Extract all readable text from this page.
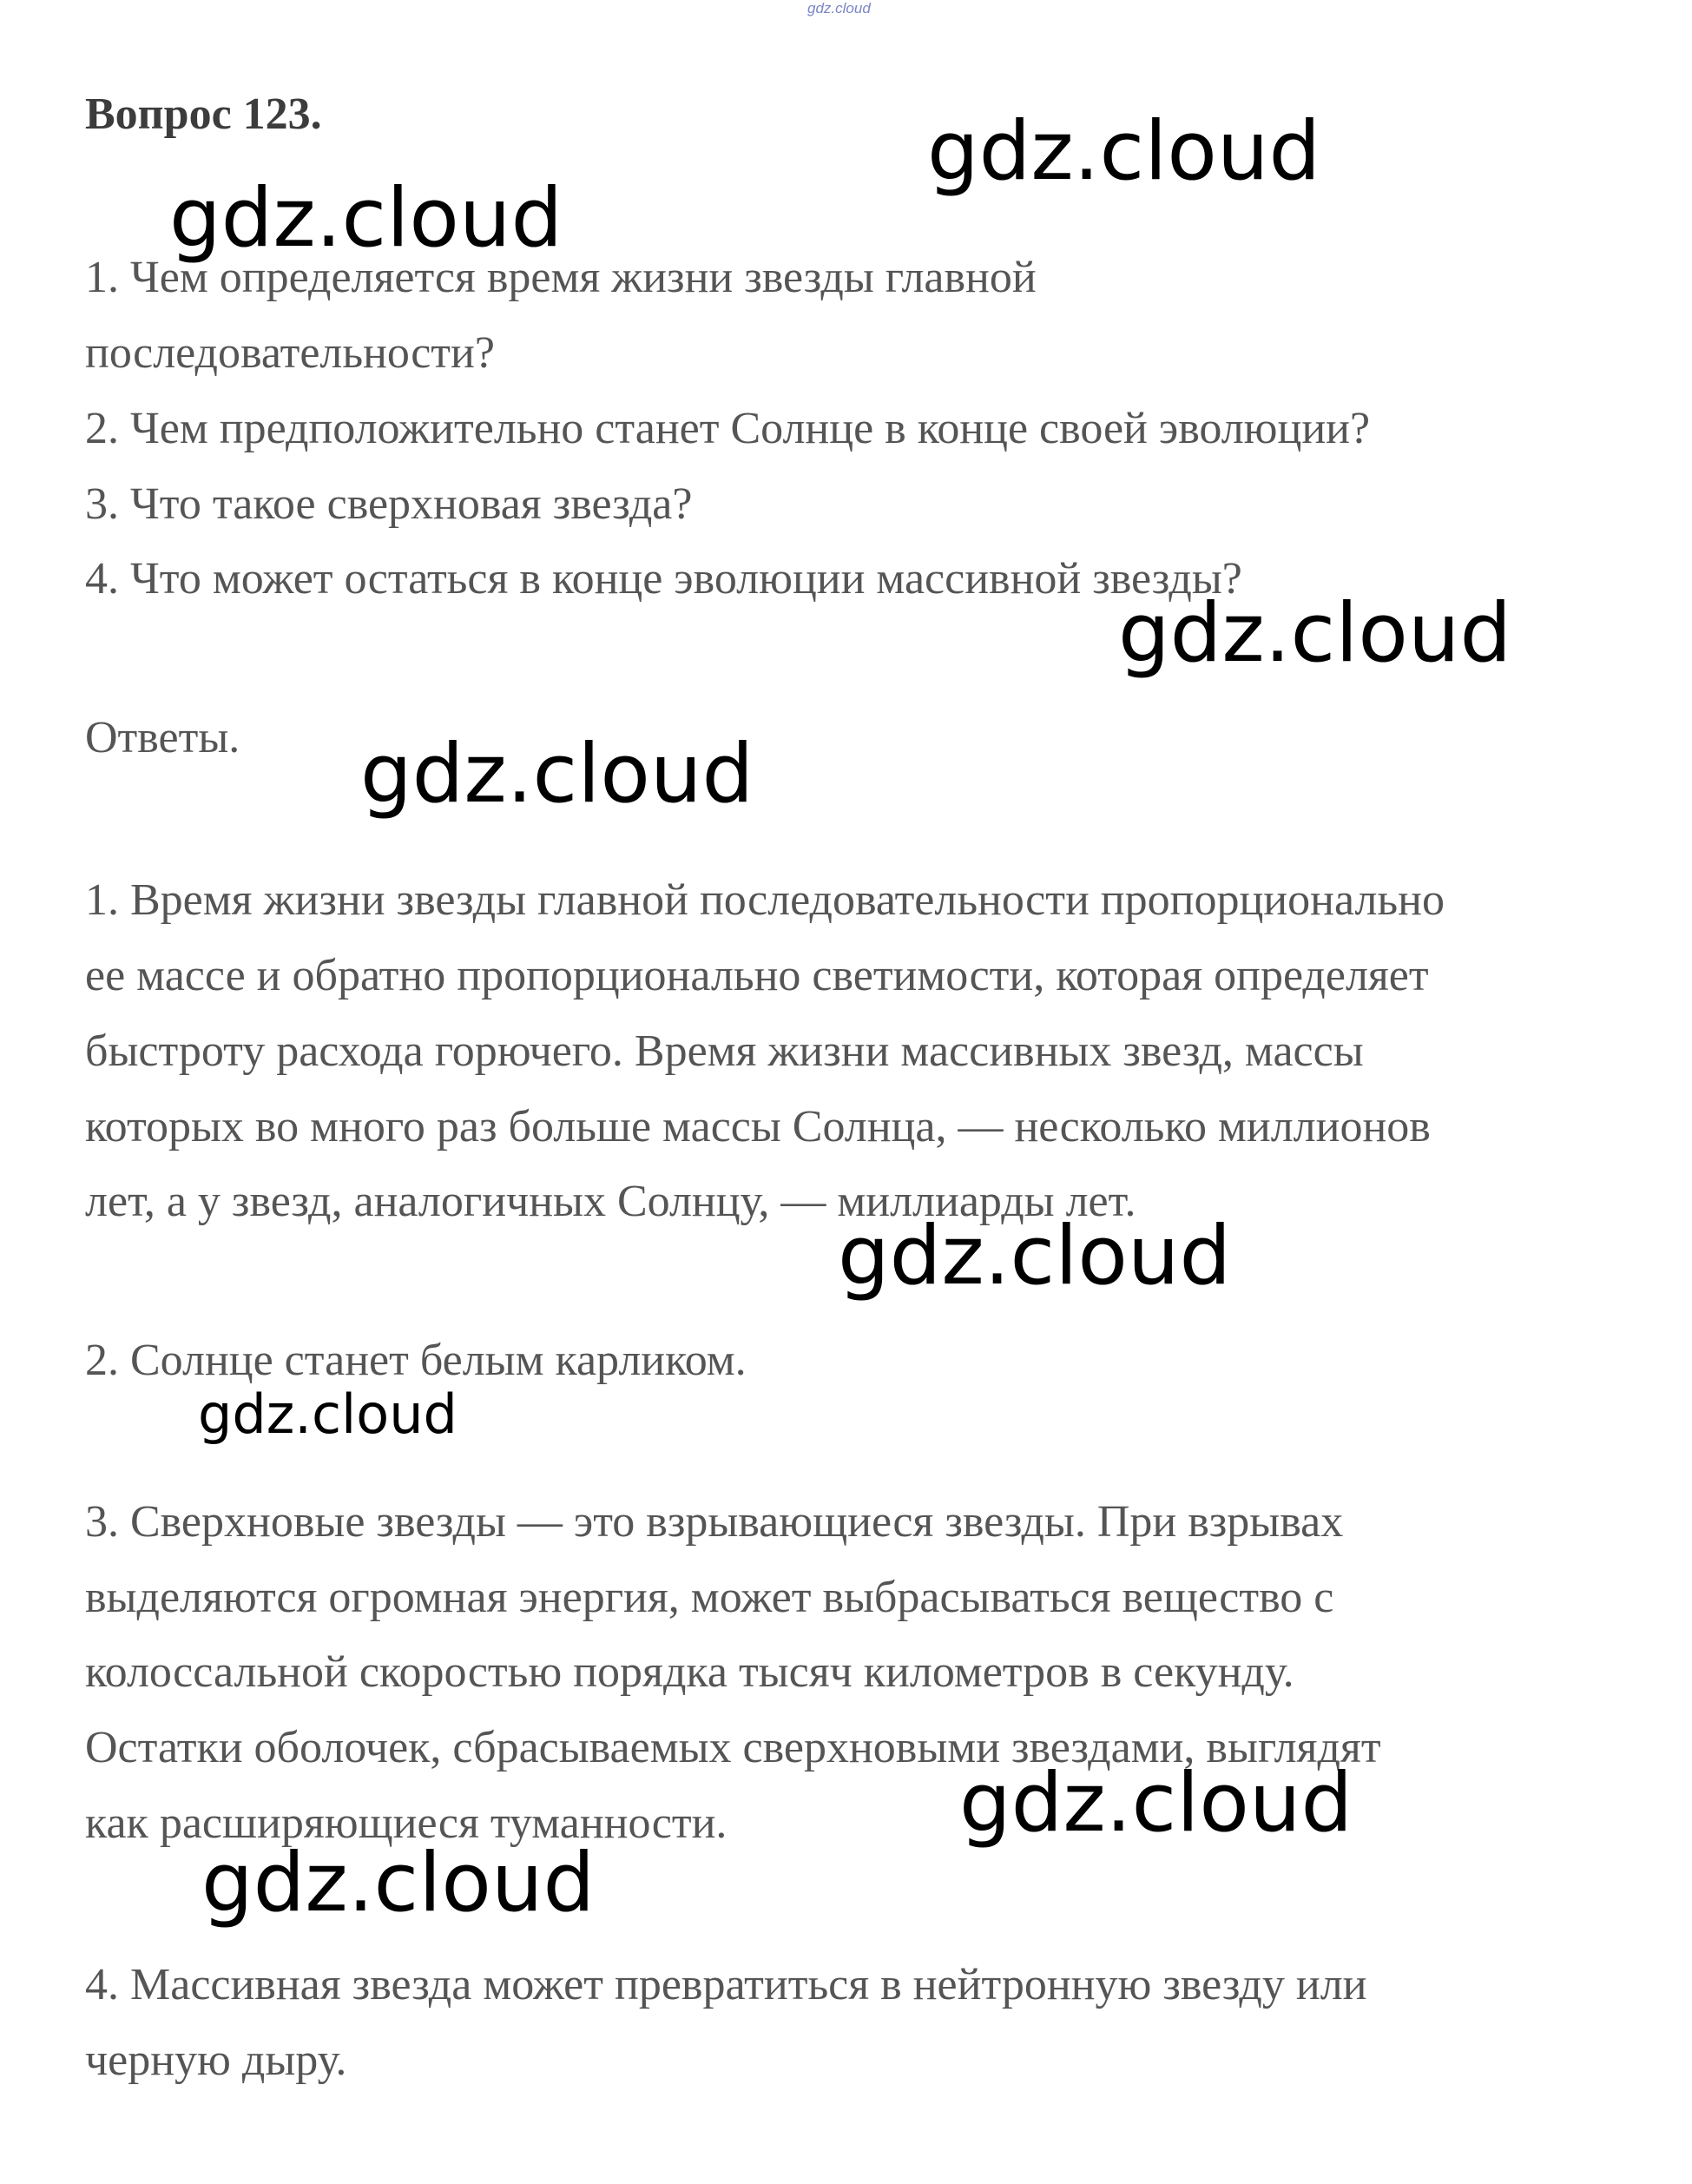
gdz.cloud
Вопрос 123.
1. Чем определяется время жизни звезды главной
последовательности?
2. Чем предположительно станет Солнце в конце своей эволюции?
3. Что такое сверхновая звезда?
4. Что может остаться в конце эволюции массивной звезды?
Ответы.
1. Время жизни звезды главной последовательности пропорционально
ее массе и обратно пропорционально светимости, которая определяет
быстроту расхода горючего. Время жизни массивных звезд, массы
которых во много раз больше массы Солнца, — несколько миллионов
лет, а у звезд, аналогичных Солнцу, — миллиарды лет.
2. Солнце станет белым карликом.
3. Сверхновые звезды — это взрывающиеся звезды. При взрывах
выделяются огромная энергия, может выбрасываться вещество с
колоссальной скоростью порядка тысяч километров в секунду.
Остатки оболочек, сбрасываемых сверхновыми звездами, выглядят
как расширяющиеся туманности.
4. Массивная звезда может превратиться в нейтронную звезду или
черную дыру.
gdz.cloud
gdz.cloud
gdz.cloud
gdz.cloud
gdz.cloud
gdz.cloud
gdz.cloud
gdz.cloud
